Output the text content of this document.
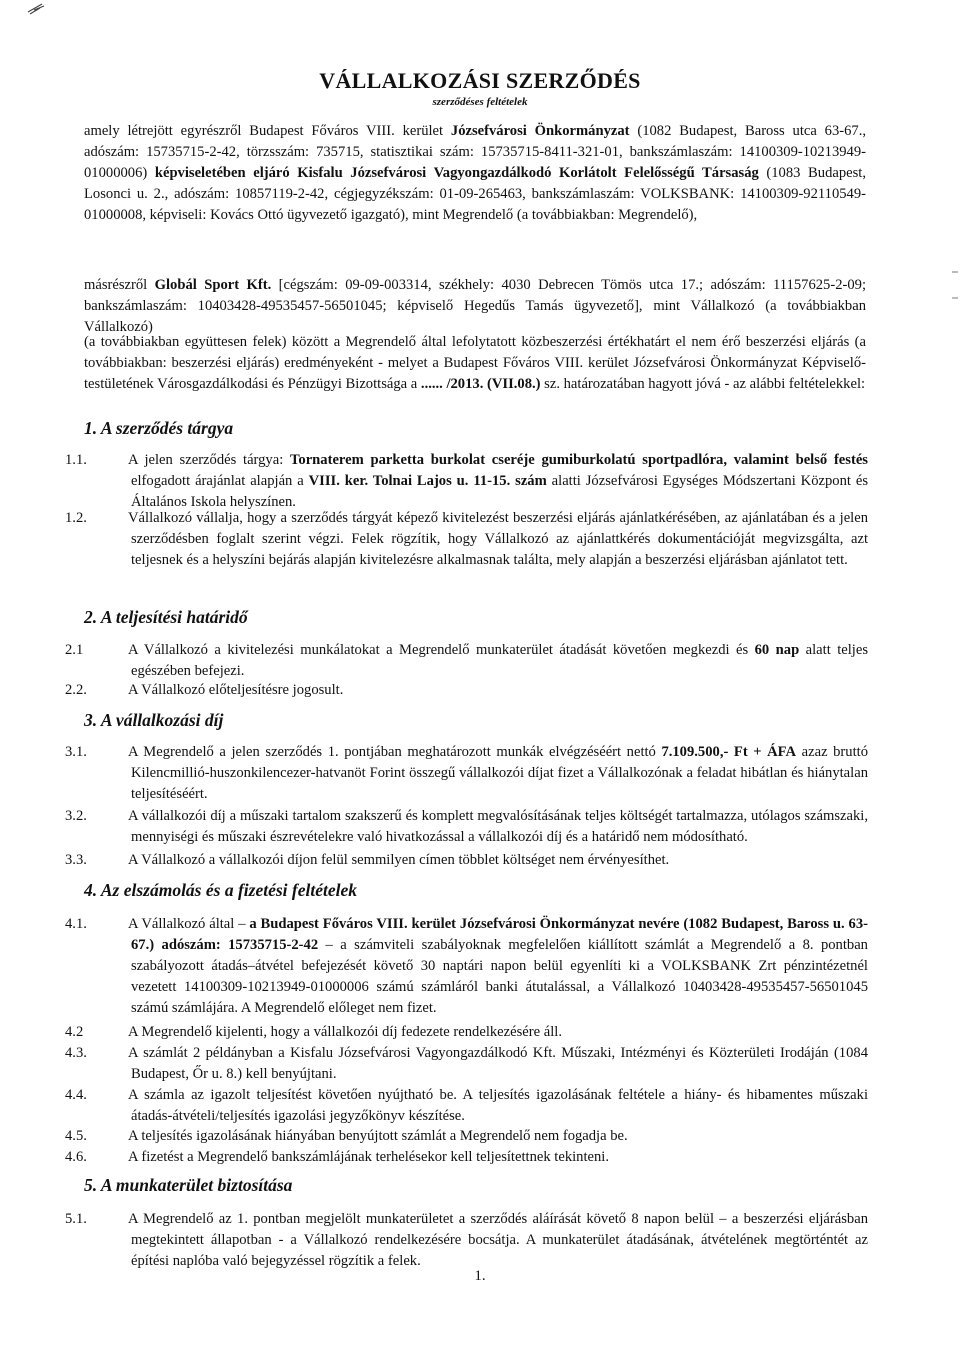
VÁLLALKOZÁSI SZERZŐDÉS
szerződéses feltételek
amely létrejött egyrészről Budapest Főváros VIII. kerület Józsefvárosi Önkormányzat (1082 Budapest, Baross utca 63-67., adószám: 15735715-2-42, törzsszám: 735715, statisztikai szám: 15735715-8411-321-01, bankszámlaszám: 14100309-10213949-01000006) képviseletében eljáró Kisfalu Józsefvárosi Vagyongazdálkodó Korlátolt Felelősségű Társaság (1083 Budapest, Losonci u. 2., adószám: 10857119-2-42, cégjegyzékszám: 01-09-265463, bankszámlaszám: VOLKSBANK: 14100309-92110549-01000008, képviseli: Kovács Ottó ügyvezető igazgató), mint Megrendelő (a továbbiakban: Megrendelő),
másrészről Globál Sport Kft. [cégszám: 09-09-003314, székhely: 4030 Debrecen Tömös utca 17.; adószám: 11157625-2-09; bankszámlaszám: 10403428-49535457-56501045; képviselő Hegedűs Tamás ügyvezető], mint Vállalkozó (a továbbiakban Vállalkozó)
(a továbbiakban együttesen felek) között a Megrendelő által lefolytatott közbeszerzési értékhatárt el nem érő beszerzési eljárás (a továbbiakban: beszerzési eljárás) eredményeként - melyet a Budapest Főváros VIII. kerület Józsefvárosi Önkormányzat Képviselő-testületének Városgazdálkodási és Pénzügyi Bizottsága a ...... /2013. (VII.08.) sz. határozatában hagyott jóvá - az alábbi feltételekkel:
1. A szerződés tárgya
1.1.	A jelen szerződés tárgya: Tornaterem parketta burkolat cseréje gumiburkolatú sportpadlóra, valamint belső festés elfogadott árajánlat alapján a VIII. ker. Tolnai Lajos u. 11-15. szám alatti Józsefvárosi Egységes Módszertani Központ és Általános Iskola helyszínen.
1.2.	Vállalkozó vállalja, hogy a szerződés tárgyát képező kivitelezést beszerzési eljárás ajánlatkérésében, az ajánlatában és a jelen szerződésben foglalt szerint végzi. Felek rögzítik, hogy Vállalkozó az ajánlattkérés dokumentációját megvizsgálta, azt teljesnek és a helyszíni bejárás alapján kivitelezésre alkalmasnak találta, mely alapján a beszerzési eljárásban ajánlatot tett.
2. A teljesítési határidő
2.1	A Vállalkozó a kivitelezési munkálatokat a Megrendelő munkaterület átadását követően megkezdi és 60 nap alatt teljes egészében befejezi.
2.2.	A Vállalkozó előteljesítésre jogosult.
3. A vállalkozási díj
3.1.	A Megrendelő a jelen szerződés 1. pontjában meghatározott munkák elvégzéséért nettó 7.109.500,- Ft + ÁFA azaz bruttó Kilencmillió-huszonkilencezer-hatvanöt Forint összegű vállalkozói díjat fizet a Vállalkozónak a feladat hibátlan és hiánytalan teljesítéséért.
3.2.	A vállalkozói díj a műszaki tartalom szakszerű és komplett megvalósításának teljes költségét tartalmazza, utólagos számszaki, mennyiségi és műszaki észrevételekre való hivatkozással a vállalkozói díj és a határidő nem módosítható.
3.3.	A Vállalkozó a vállalkozói díjon felül semmilyen címen többlet költséget nem érvényesíthet.
4. Az elszámolás és a fizetési feltételek
4.1.	A Vállalkozó által – a Budapest Főváros VIII. kerület Józsefvárosi Önkormányzat nevére (1082 Budapest, Baross u. 63- 67.) adószám: 15735715-2-42 – a számviteli szabályoknak megfelelően kiállított számlát a Megrendelő a 8. pontban szabályozott átadás–átvétel befejezését követő 30 naptári napon belül egyenlíti ki a VOLKSBANK Zrt pénzintézetnél vezetett 14100309-10213949-01000006 számú számláról banki átutalással, a Vállalkozó 10403428-49535457-56501045 számú számlájára. A Megrendelő előleget nem fizet.
4.2	A Megrendelő kijelenti, hogy a vállalkozói díj fedezete rendelkezésére áll.
4.3.	A számlát 2 példányban a Kisfalu Józsefvárosi Vagyongazdálkodó Kft. Műszaki, Intézményi és Közterületi Irodáján (1084 Budapest, Őr u. 8.) kell benyújtani.
4.4.	A számla az igazolt teljesítést követően nyújtható be. A teljesítés igazolásának feltétele a hiány- és hibamentes műszaki átadás-átvételi/teljesítés igazolási jegyzőkönyv készítése.
4.5.	A teljesítés igazolásának hiányában benyújtott számlát a Megrendelő nem fogadja be.
4.6.	A fizetést a Megrendelő bankszámlájának terhelésekor kell teljesítettnek tekinteni.
5. A munkaterület biztosítása
5.1.	A Megrendelő az 1. pontban megjelölt munkaterületet a szerződés aláírását követő 8 napon belül – a beszerzési eljárásban megtekintett állapotban - a Vállalkozó rendelkezésére bocsátja. A munkaterület átadásának, átvételének megtörténtét az építési naplóba való bejegyzéssel rögzítik a felek.
1.
